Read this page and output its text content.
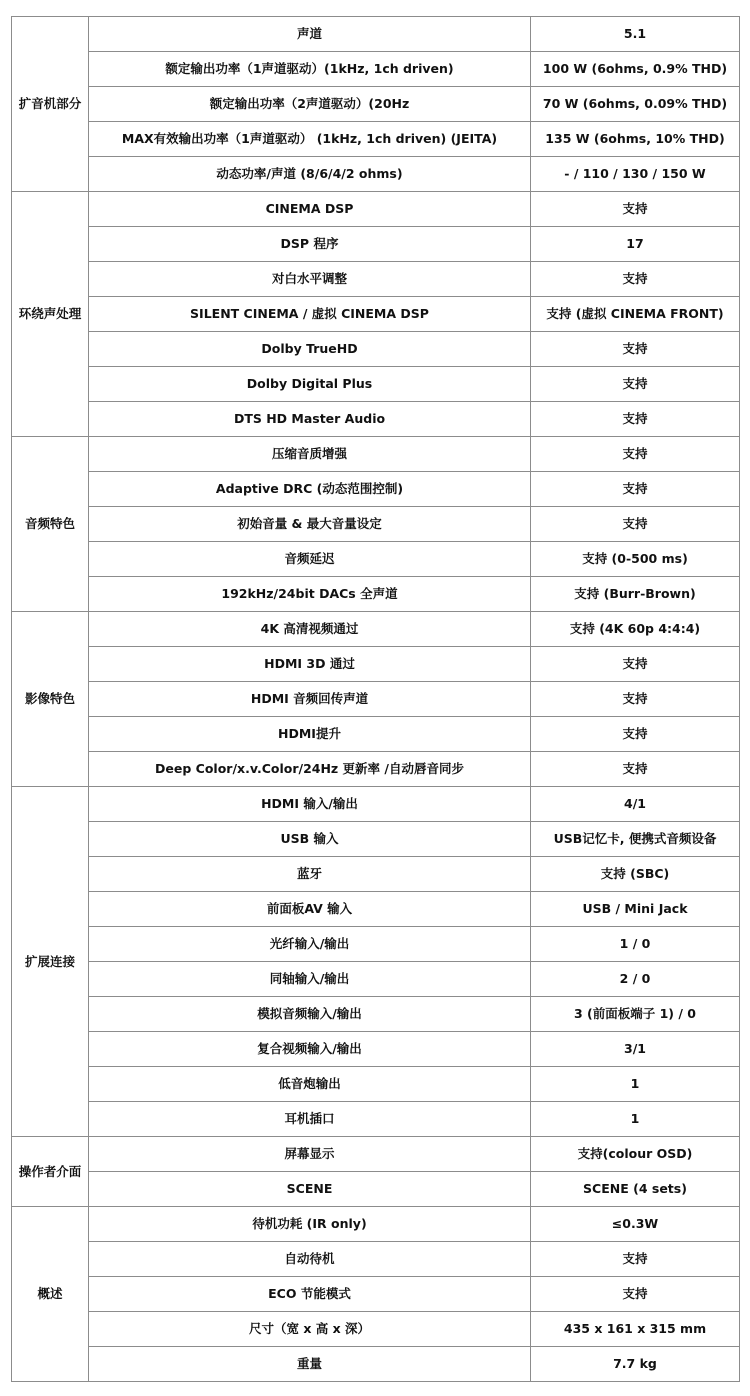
扩音机部分	声道	5.1
	额定输出功率（1声道驱动）(1kHz, 1ch driven)	100 W (6ohms, 0.9% THD)
	额定输出功率（2声道驱动）(20Hz	70 W (6ohms, 0.09% THD)
	MAX有效输出功率（1声道驱动） (1kHz, 1ch driven) (JEITA)	135 W (6ohms, 10% THD)
	动态功率/声道 (8/6/4/2 ohms)	- / 110 / 130 / 150 W
环绕声处理	CINEMA DSP	支持
	DSP 程序	17
	对白水平调整	支持
	SILENT CINEMA / 虚拟 CINEMA DSP	支持 (虚拟 CINEMA FRONT)
	Dolby TrueHD	支持
	Dolby Digital Plus	支持
	DTS HD Master Audio	支持
音频特色	压缩音质增强	支持
	Adaptive DRC (动态范围控制)	支持
	初始音量 & 最大音量设定	支持
	音频延迟	支持 (0-500 ms)
	192kHz/24bit DACs 全声道	支持 (Burr-Brown)
影像特色	4K 高清视频通过	支持 (4K 60p 4:4:4)
	HDMI 3D 通过	支持
	HDMI 音频回传声道	支持
	HDMI提升	支持
	Deep Color/x.v.Color/24Hz 更新率 /自动唇音同步	支持
扩展连接	HDMI 输入/输出	4/1
	USB 输入	USB记忆卡, 便携式音频设备
	蓝牙	支持 (SBC)
	前面板AV 输入	USB / Mini Jack
	光纤输入/输出	1 / 0
	同轴输入/输出	2 / 0
	模拟音频输入/输出	3 (前面板端子 1) / 0
	复合视频输入/输出	3/1
	低音炮输出	1
	耳机插口	1
操作者介面	屏幕显示	支持(colour OSD)
	SCENE	SCENE (4 sets)
概述	待机功耗 (IR only)	≤0.3W
	自动待机	支持
	ECO 节能模式	支持
	尺寸（宽 x 高 x 深）	435 x 161 x 315 mm
	重量	7.7 kg
